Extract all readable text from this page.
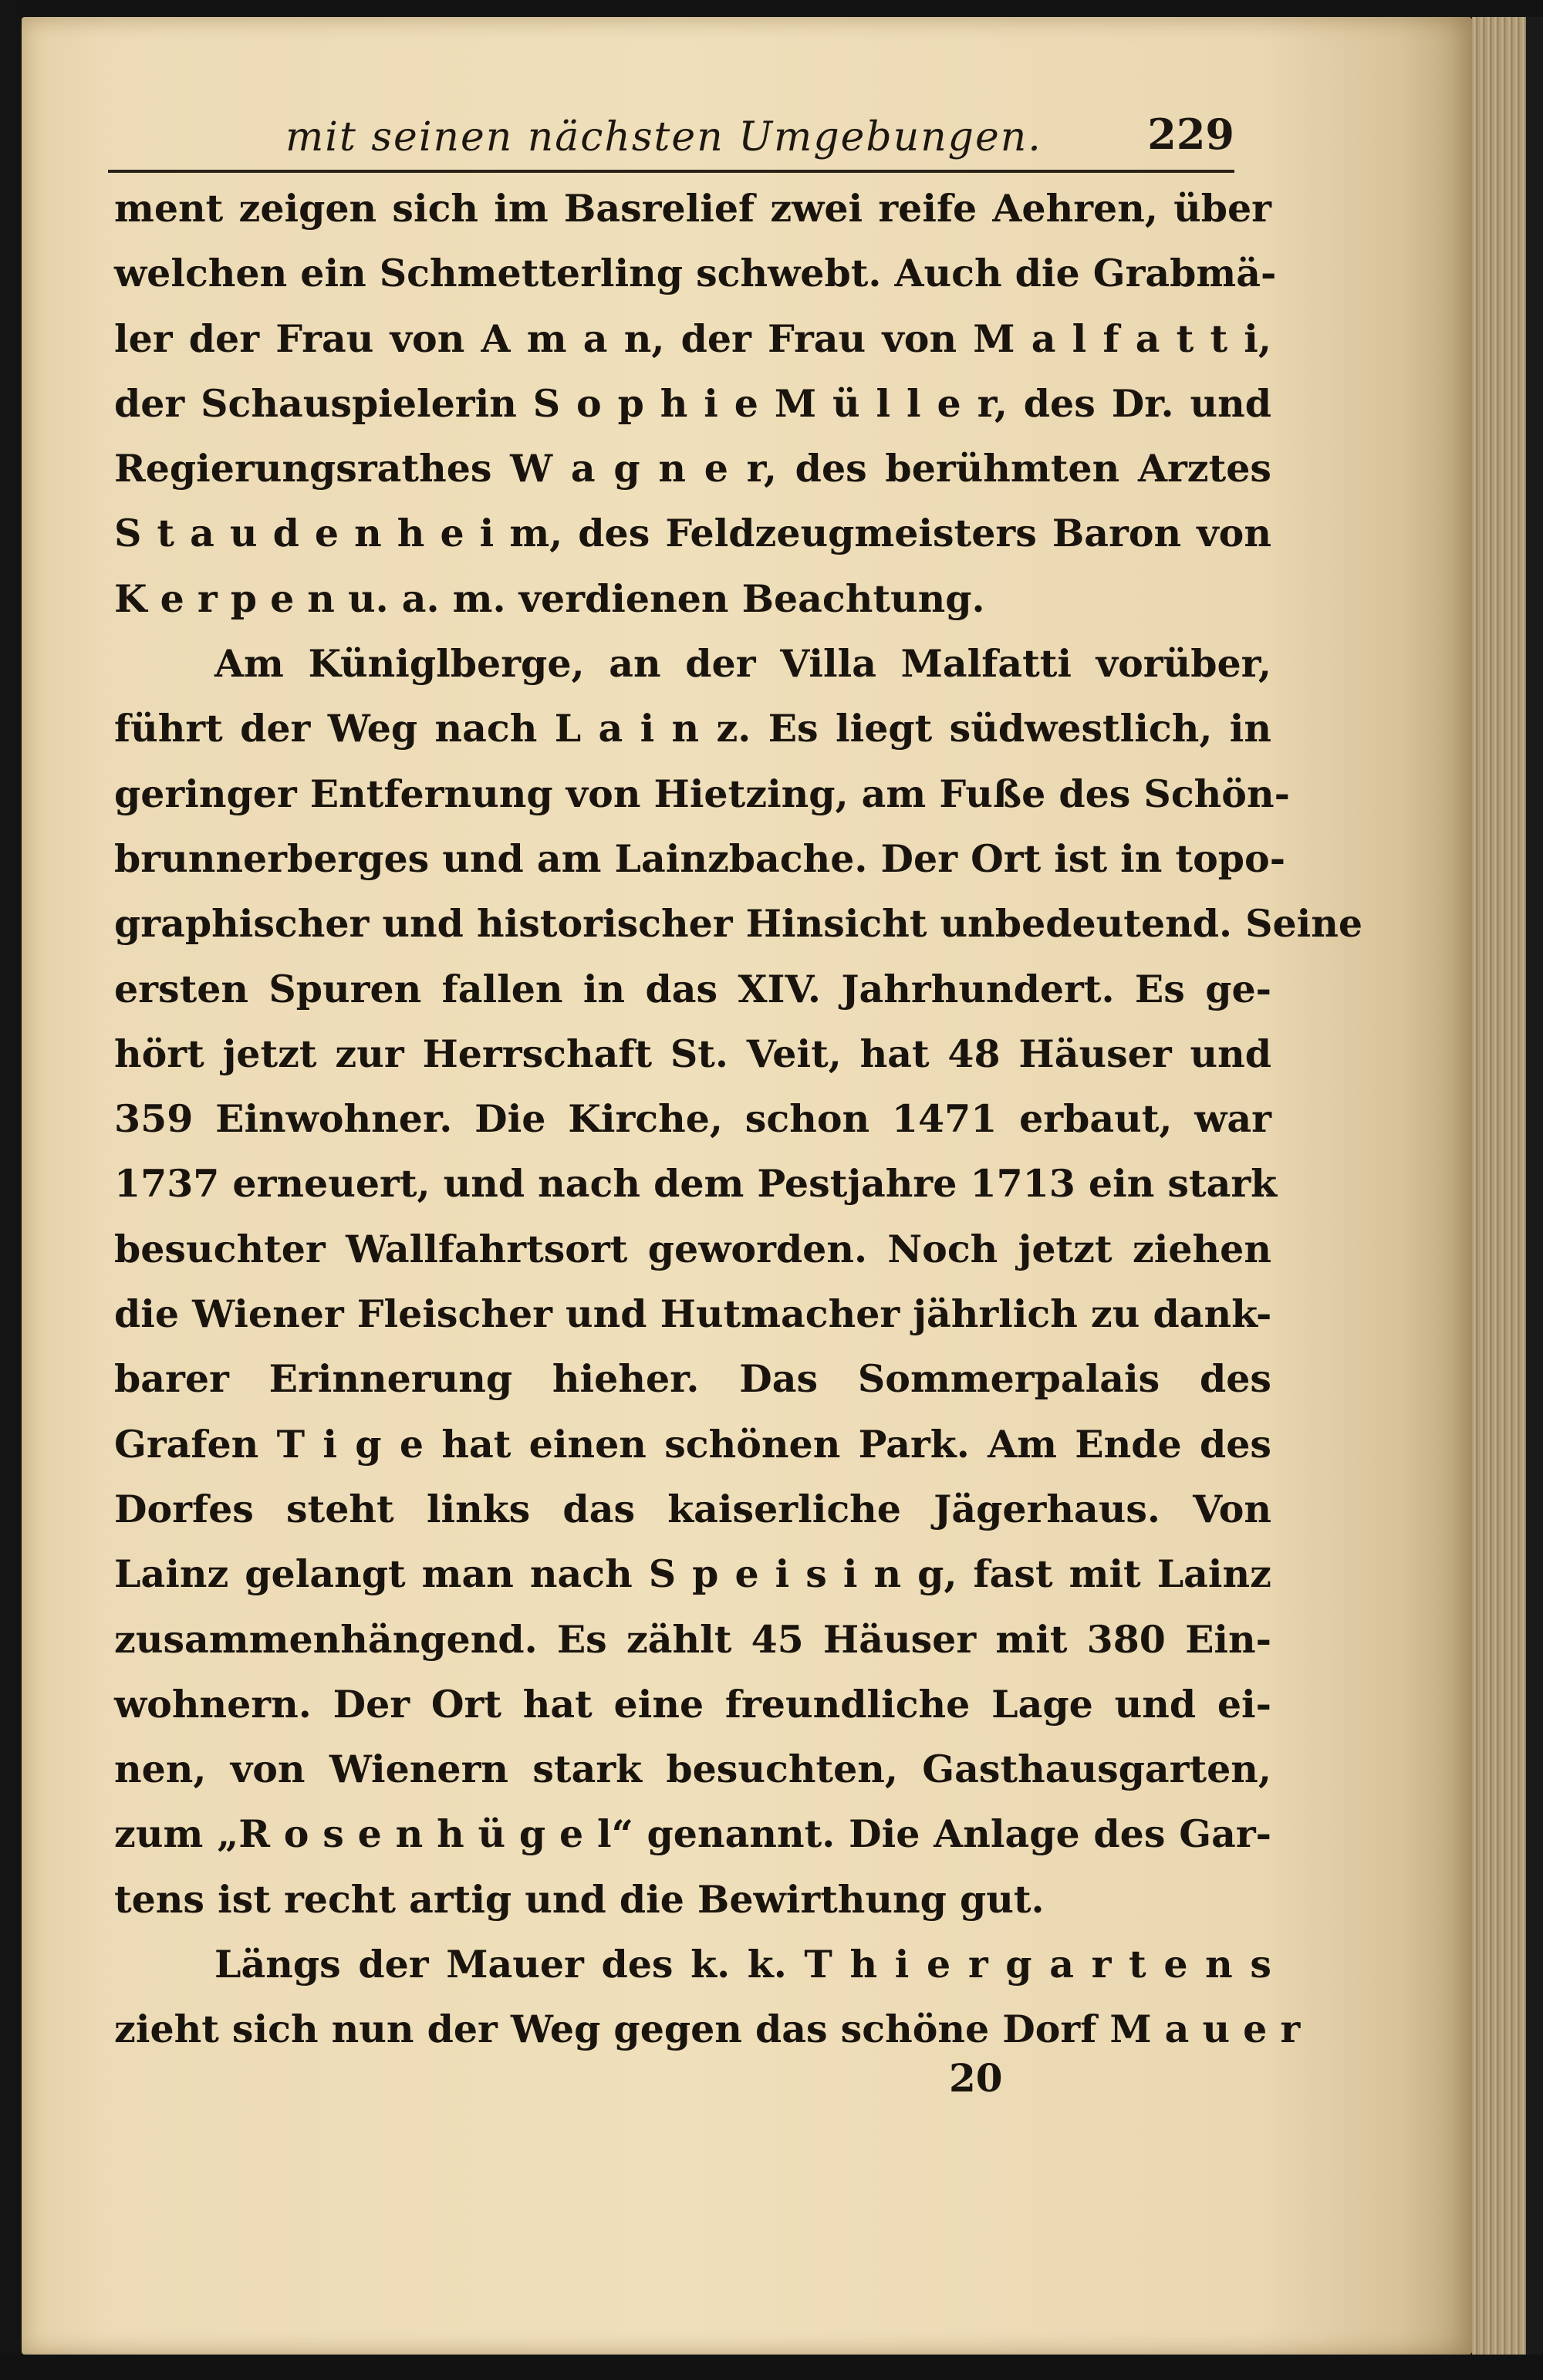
mit seinen nächsten Umgebungen.	229
ment zeigen sich im Basrelief zwei reife Aehren, über
welchen ein Schmetterling schwebt. Auch die Grabmä-
ler der Frau von A m a n, der Frau von M a l f a t t i,
der Schauspielerin S o p h i e M ü l l e r, des Dr. und
Regierungsrathes W a g n e r, des berühmten Arztes
S t a u d e n h e i m, des Feldzeugmeisters Baron von
K e r p e n u. a. m. verdienen Beachtung.
Am Küniglberge, an der Villa Malfatti vorüber,
führt der Weg nach L a i n z. Es liegt südwestlich, in
geringer Entfernung von Hietzing, am Fuße des Schön-
brunnerberges und am Lainzbache. Der Ort ist in topo-
graphischer und historischer Hinsicht unbedeutend. Seine
ersten Spuren fallen in das XIV. Jahrhundert. Es ge-
hört jetzt zur Herrschaft St. Veit, hat 48 Häuser und
359 Einwohner. Die Kirche, schon 1471 erbaut, war
1737 erneuert, und nach dem Pestjahre 1713 ein stark
besuchter Wallfahrtsort geworden. Noch jetzt ziehen
die Wiener Fleischer und Hutmacher jährlich zu dank-
barer Erinnerung hieher. Das Sommerpalais des
Grafen T i g e hat einen schönen Park. Am Ende des
Dorfes steht links das kaiserliche Jägerhaus. Von
Lainz gelangt man nach S p e i s i n g, fast mit Lainz
zusammenhängend. Es zählt 45 Häuser mit 380 Ein-
wohnern. Der Ort hat eine freundliche Lage und ei-
nen, von Wienern stark besuchten, Gasthausgarten,
zum „R o s e n h ü g e l“ genannt. Die Anlage des Gar-
tens ist recht artig und die Bewirthung gut.
Längs der Mauer des k. k. T h i e r g a r t e n s
zieht sich nun der Weg gegen das schöne Dorf M a u e r
20
